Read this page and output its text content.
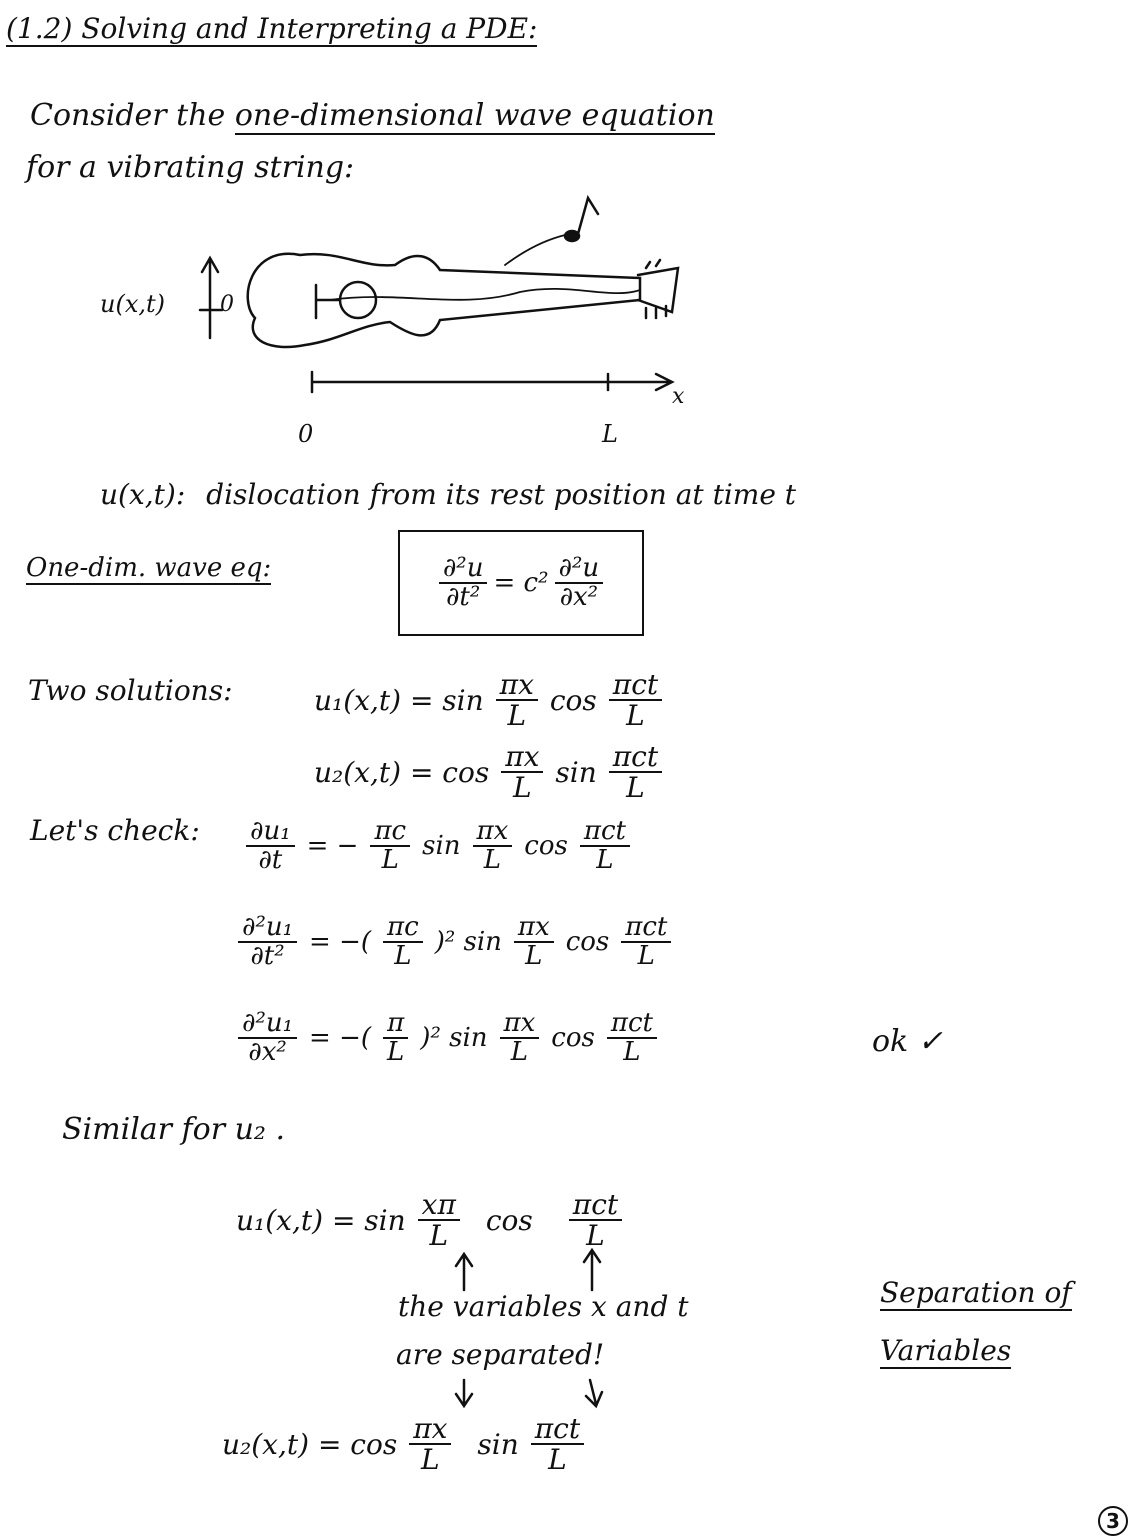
(1.2) Solving and Interpreting a PDE:
Consider the one-dimensional wave equation
for a vibrating string:
u(x,t)	0
x
0	L
u(x,t): dislocation from its rest position at time t
One-dim. wave eq:	$\frac{\text{∂²u}}{\text{∂t²}} = c^2 \frac{\text{∂²u}}{\text{∂x²}}$
Two solutions:	$u_1(x,t) = \sin \frac{\pi x}{L}$ $\cos \frac{\text{πct}}{L}$
$u_2(x,t) = \cos \frac{\pi x}{L}$ $\sin \frac{\text{πct}}{L}$
Let's check: $\frac{\text{∂u₁}}{\partial t}$ = − $\frac{\pi c}{L}$ $\sin \frac{\pi x}{L}$ $\cos \frac{\text{πct}}{L}$
$\frac{\text{∂²u₁}}{\text{∂t²}}$ = −( $\frac{\pi c}{L} )^2$ $\sin \frac{\pi x}{L}$ $\cos \frac{\text{πct}}{L}$
$\frac{\text{∂²u₁}}{\text{∂x²}}$ = −( $\frac{\pi}{L} )^2$ $\sin \frac{\pi x}{L}$ $\cos \frac{\text{πct}}{L}$	ok ✓
Similar for u₂ .
$u_1(x,t) = \sin \frac{x\pi}{L}$ $\cos \frac{\text{πct}}{L}$
the variables x and t
are separated!
$u_2(x,t) = \cos \frac{\pi x}{L}$ $\sin \frac{\text{πct}}{L}$
Separation of
Variables
3
